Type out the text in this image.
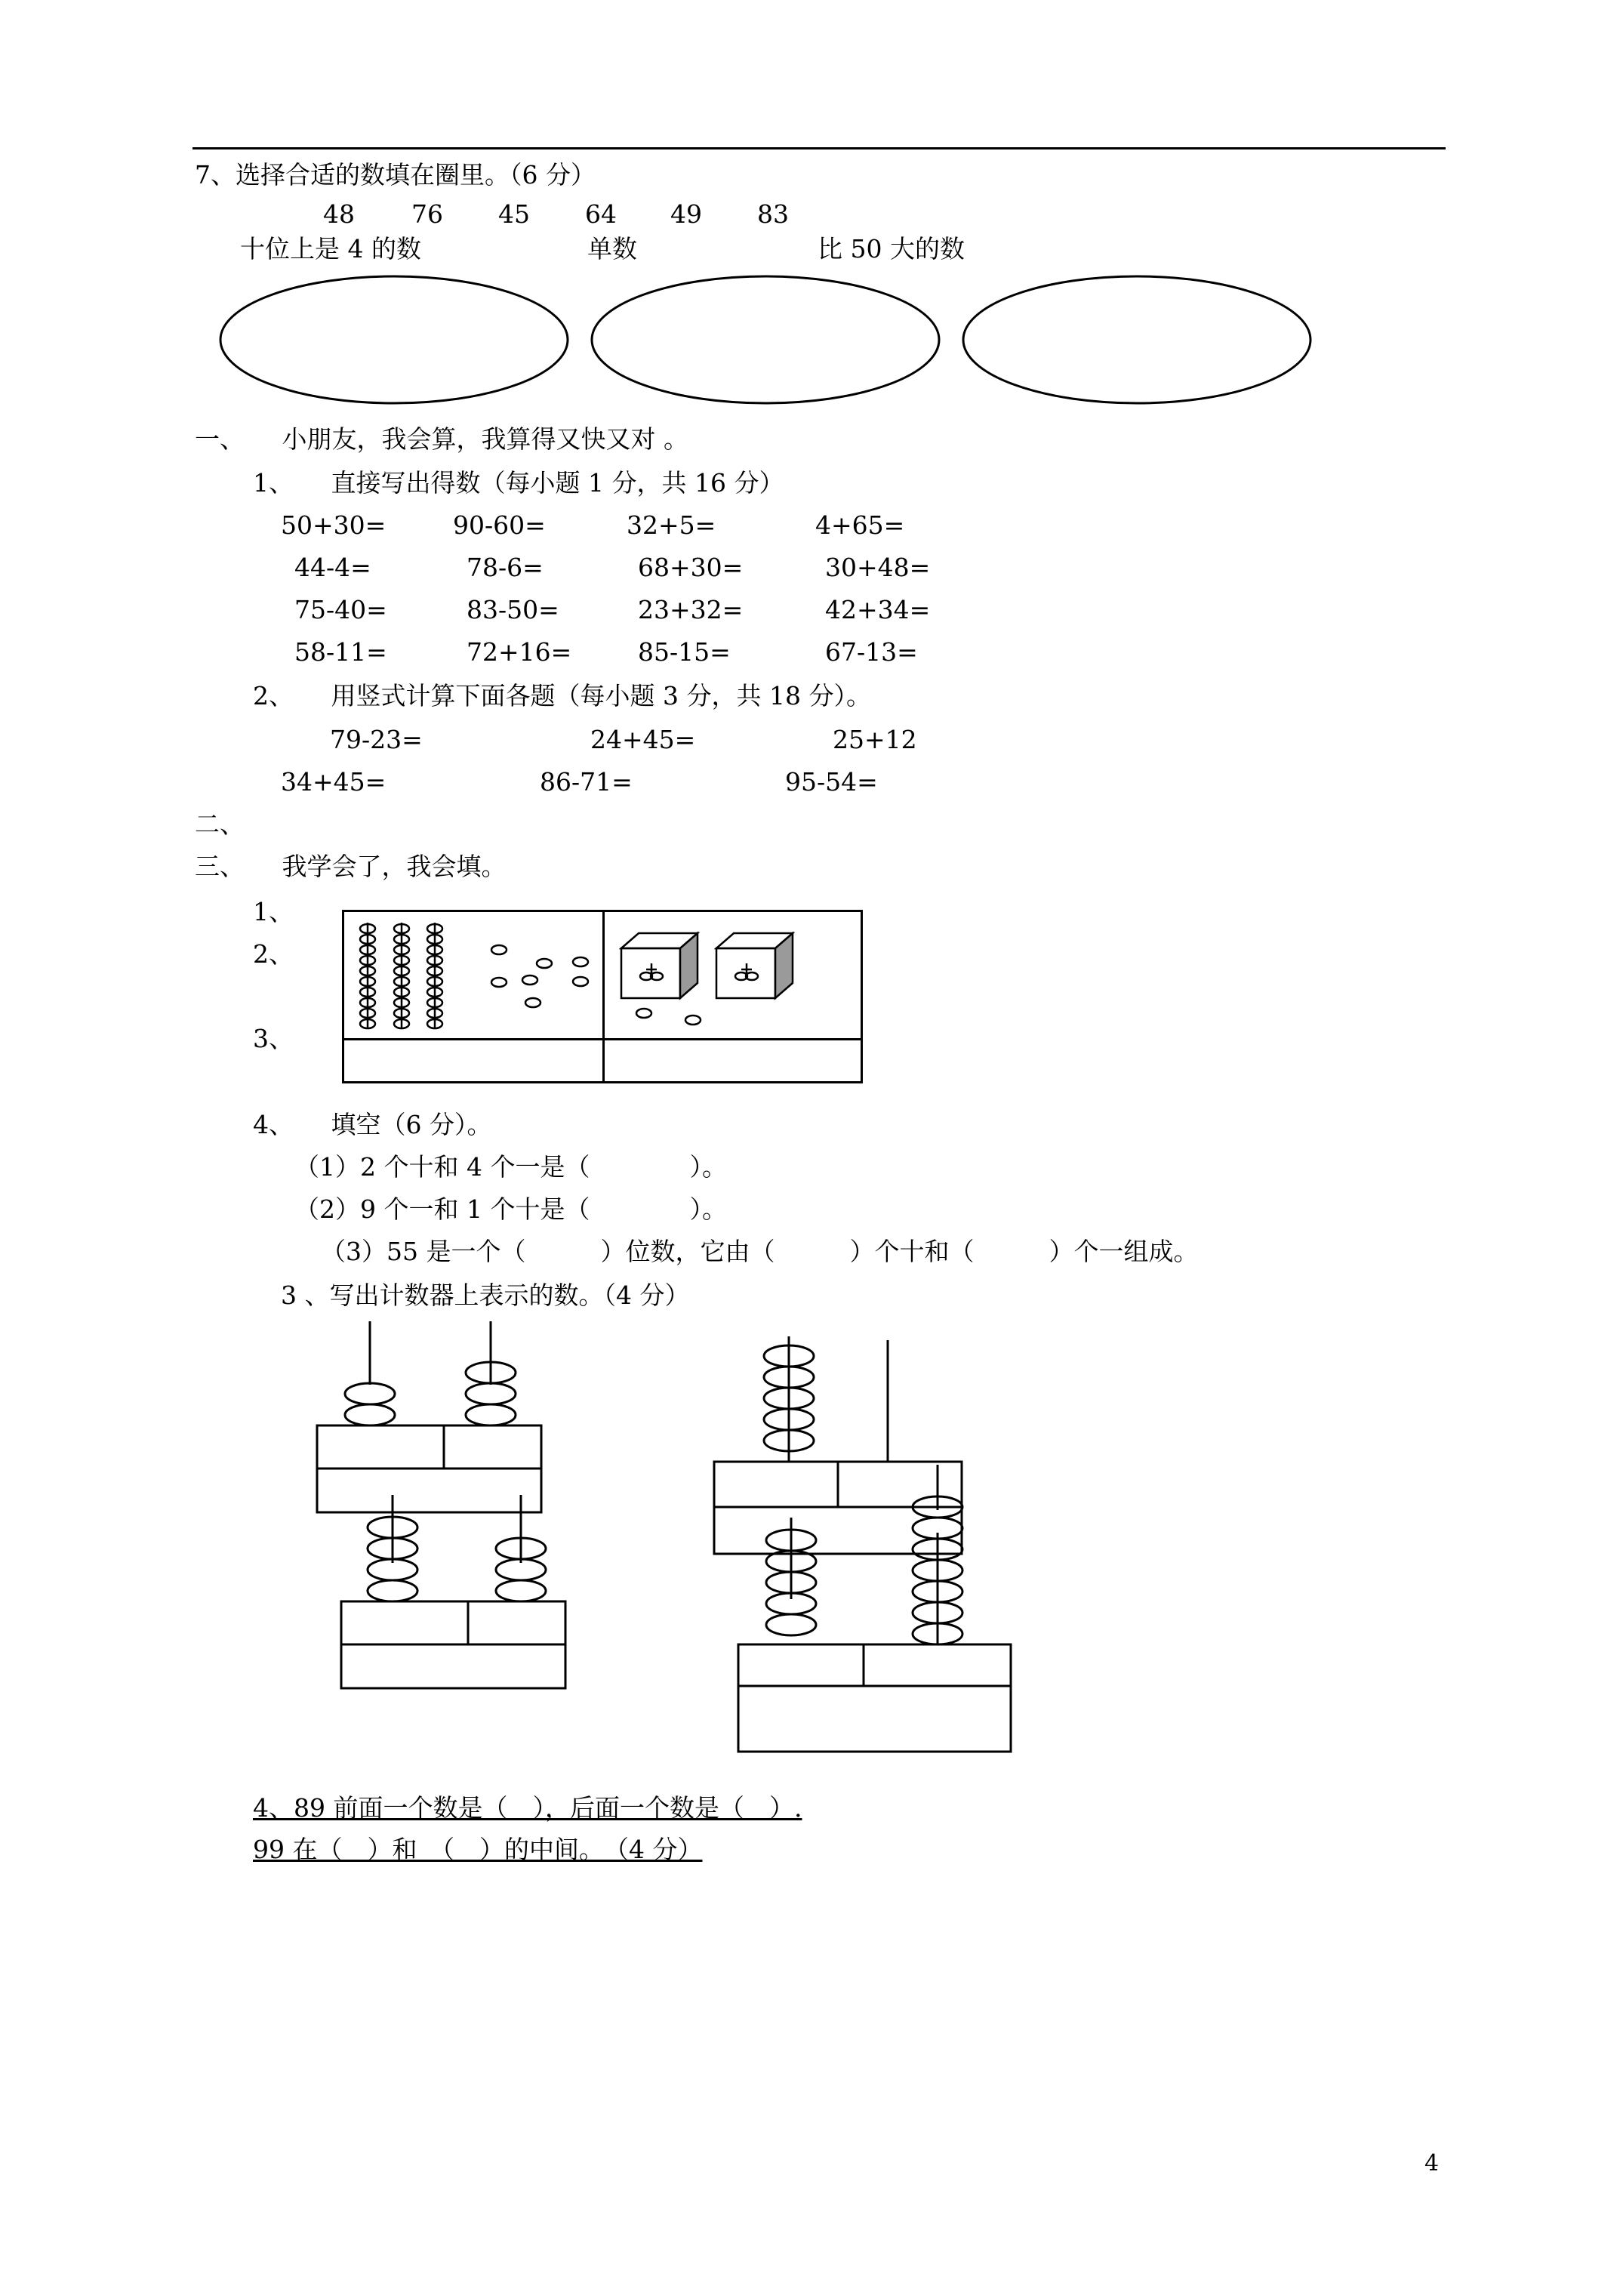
7、选择合适的数填在圈里。（6 分）
48 76 45 64 49 83
十位上是 4 的数	单数	比 50 大的数
一、　　小朋友，我会算，我算得又快又对 。
1、　　直接写出得数（每小题 1 分，共 16 分）
50+30=	90-60=	32+5=	4+65=
44-4=	78-6=	68+30=	30+48=
75-40=	83-50=	23+32=	42+34=
58-11=	72+16=	85-15=	67-13=
2、　　用竖式计算下面各题（每小题 3 分，共 18 分）。
79-23=	24+45=	25+12
34+45=	86-71=	95-54=
二、
三、　　我学会了，我会填。
1、
2、
3、
4、　　填空（6 分）。
（1）2 个十和 4 个一是（　　　　）。
（2）9 个一和 1 个十是（　　　　）。
（3）55 是一个（　　　）位数，它由（　　　）个十和（　　　）个一组成。
3 、写出计数器上表示的数。（4 分）
4、89 前面一个数是（　），后面一个数是（　）.
99 在（　）和　（　）的中间。　（4 分）
4
